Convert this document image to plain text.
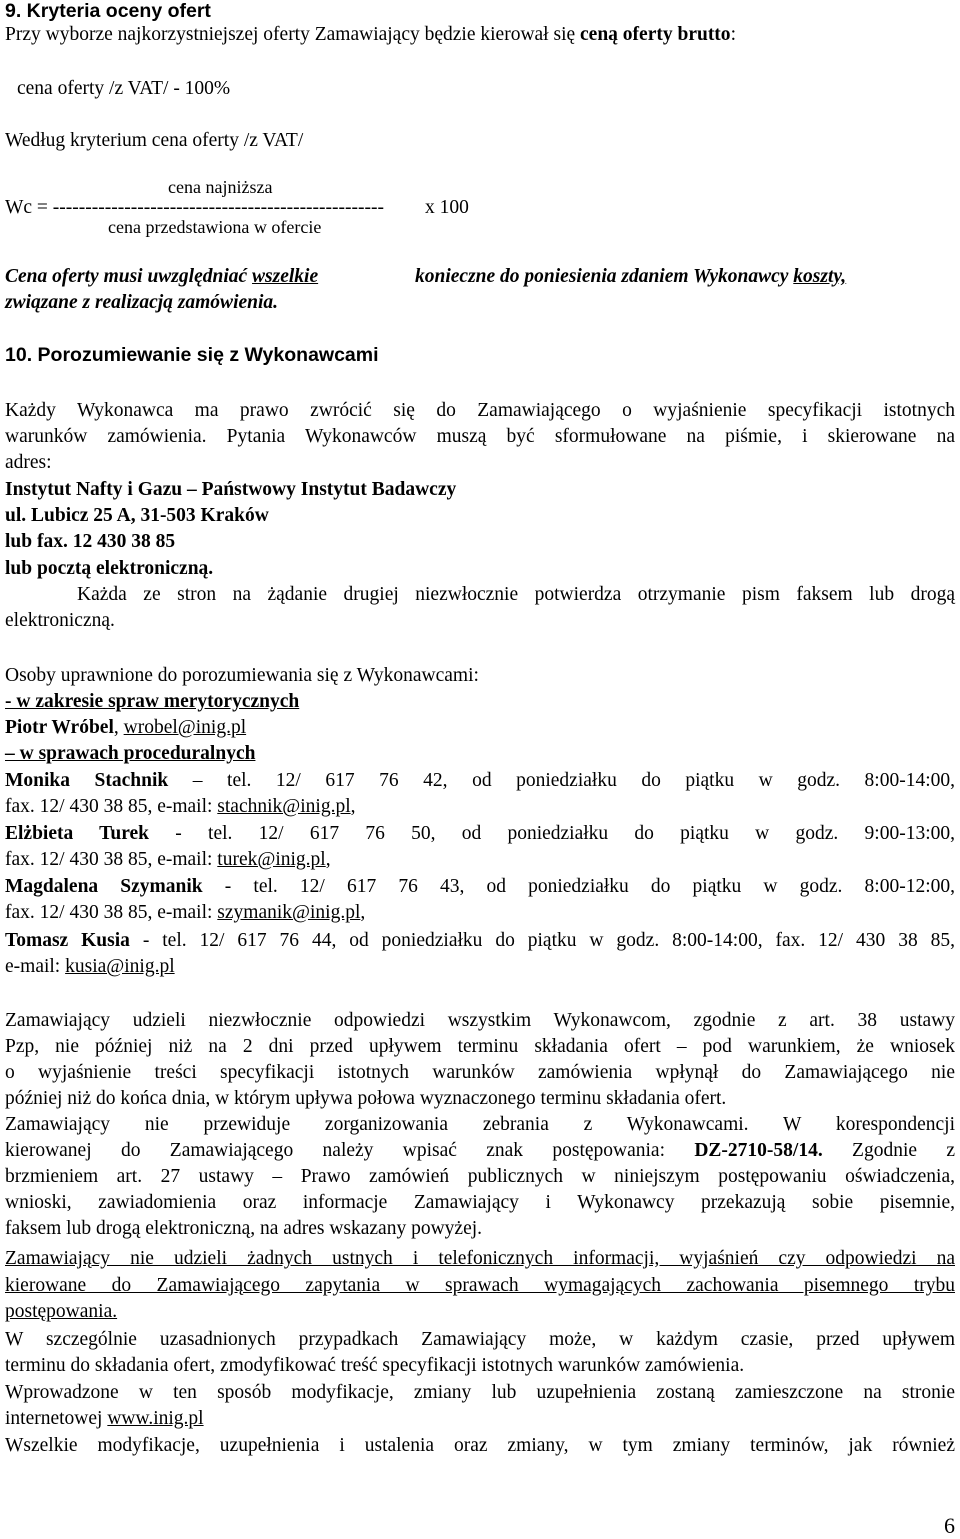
9. Kryteria oceny ofert
Przy wyborze najkorzystniejszej oferty Zamawiający będzie kierował się ceną oferty brutto:
cena oferty /z VAT/ - 100%
Według kryterium cena oferty /z VAT/
cena najniższa
Wc = --------------------------------------------------- x 100
cena przedstawiona w ofercie
Cena oferty musi uwzględniać wszelkie	konieczne do poniesienia zdaniem Wykonawcy koszty,
związane z realizacją zamówienia.
10. Porozumiewanie się z Wykonawcami
Każdy Wykonawca ma prawo zwrócić się do Zamawiającego o wyjaśnienie specyfikacji istotnych
warunków zamówienia. Pytania Wykonawców muszą być sformułowane na piśmie, i skierowane na
adres:
Instytut Nafty i Gazu – Państwowy Instytut Badawczy
ul. Lubicz 25 A, 31-503 Kraków
lub fax. 12 430 38 85
lub pocztą elektroniczną.
Każda ze stron na żądanie drugiej niezwłocznie potwierdza otrzymanie pism faksem lub drogą
elektroniczną.
Osoby uprawnione do porozumiewania się z Wykonawcami:
- w zakresie spraw merytorycznych
Piotr Wróbel, wrobel@inig.pl
– w sprawach proceduralnych
Monika Stachnik – tel. 12/ 617 76 42, od poniedziałku do piątku w godz. 8:00-14:00,
fax. 12/ 430 38 85, e-mail: stachnik@inig.pl,
Elżbieta Turek - tel. 12/ 617 76 50, od poniedziałku do piątku w godz. 9:00-13:00,
fax. 12/ 430 38 85, e-mail: turek@inig.pl,
Magdalena Szymanik - tel. 12/ 617 76 43, od poniedziałku do piątku w godz. 8:00-12:00,
fax. 12/ 430 38 85, e-mail: szymanik@inig.pl,
Tomasz Kusia - tel. 12/ 617 76 44, od poniedziałku do piątku w godz. 8:00-14:00, fax. 12/ 430 38 85,
e-mail: kusia@inig.pl
Zamawiający udzieli niezwłocznie odpowiedzi wszystkim Wykonawcom, zgodnie z art. 38 ustawy
Pzp, nie później niż na 2 dni przed upływem terminu składania ofert – pod warunkiem, że wniosek
o wyjaśnienie treści specyfikacji istotnych warunków zamówienia wpłynął do Zamawiającego nie
później niż do końca dnia, w którym upływa połowa wyznaczonego terminu składania ofert.
Zamawiający nie przewiduje zorganizowania zebrania z Wykonawcami. W korespondencji
kierowanej do Zamawiającego należy wpisać znak postępowania: DZ-2710-58/14. Zgodnie z
brzmieniem art. 27 ustawy – Prawo zamówień publicznych w niniejszym postępowaniu oświadczenia,
wnioski, zawiadomienia oraz informacje Zamawiający i Wykonawcy przekazują sobie pisemnie,
faksem lub drogą elektroniczną, na adres wskazany powyżej.
Zamawiający nie udzieli żadnych ustnych i telefonicznych informacji, wyjaśnień czy odpowiedzi na
kierowane do Zamawiającego zapytania w sprawach wymagających zachowania pisemnego trybu
postępowania.
W szczególnie uzasadnionych przypadkach Zamawiający może, w każdym czasie, przed upływem
terminu do składania ofert, zmodyfikować treść specyfikacji istotnych warunków zamówienia.
Wprowadzone w ten sposób modyfikacje, zmiany lub uzupełnienia zostaną zamieszczone na stronie
internetowej www.inig.pl
Wszelkie modyfikacje, uzupełnienia i ustalenia oraz zmiany, w tym zmiany terminów, jak również
6
